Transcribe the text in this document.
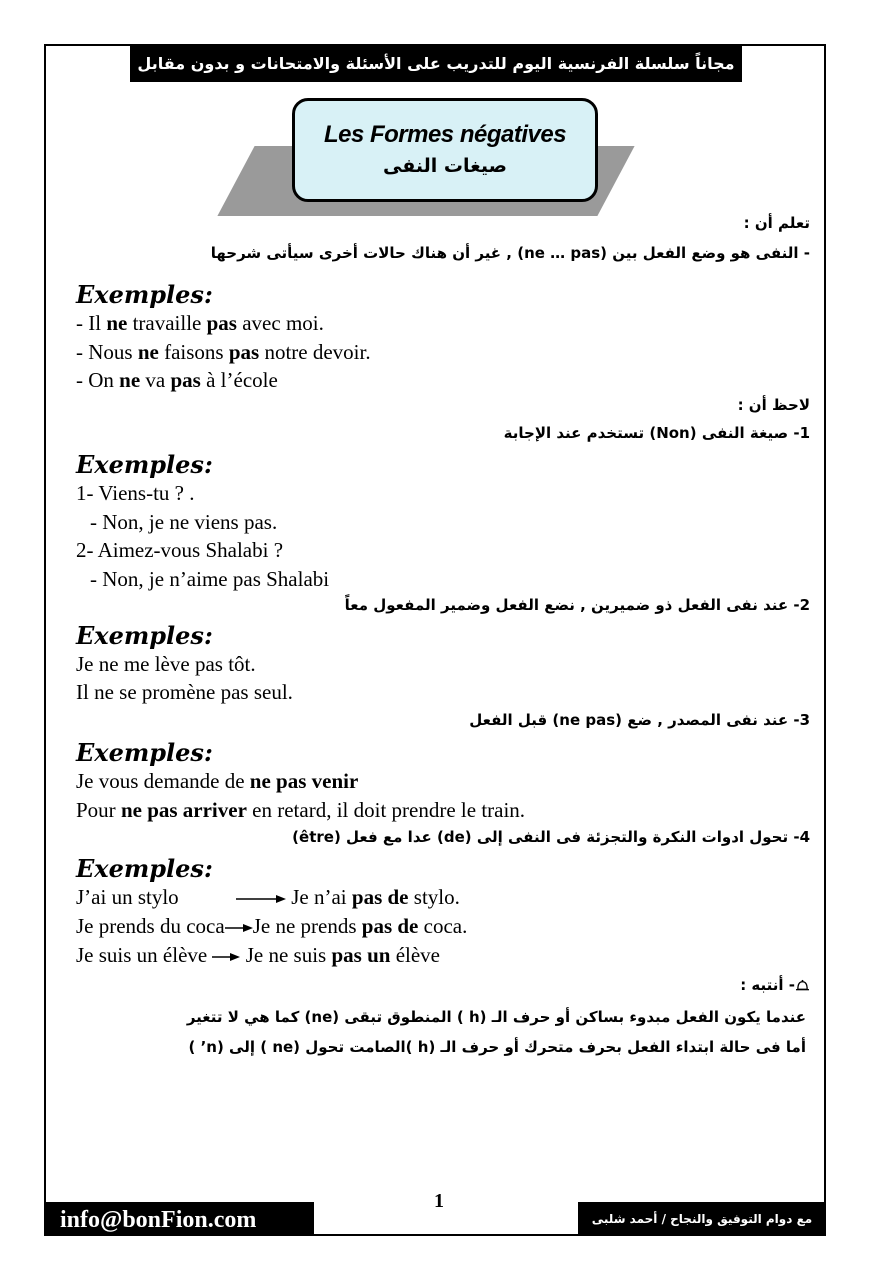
مجاناً سلسلة الفرنسية اليوم للتدريب على الأسئلة والامتحانات و بدون مقابل
Les Formes négatives
صيغات النفى
تعلم أن :
- النفى هو وضع الفعل بين (ne … pas) , غير أن هناك حالات أخرى سيأتى شرحها
Exemples:
- Il ne travaille pas avec moi.
- Nous ne faisons pas notre devoir.
- On ne va pas à l’école
لاحظ أن :
1- صيغة النفى (Non) تستخدم عند الإجابة
Exemples:
1- Viens-tu ? .
- Non, je ne viens pas.
2- Aimez-vous Shalabi ?
- Non, je n’aime pas Shalabi
2- عند نفى الفعل ذو ضميرين , نضع الفعل وضمير المفعول معاً
Exemples:
Je ne me lève pas tôt.
Il ne se promène pas seul.
3- عند نفى المصدر , ضع (ne pas) قبل الفعل
Exemples:
Je vous demande de ne pas venir
Pour ne pas arriver en retard, il doit prendre le train.
4- تحول ادوات النكرة والتجزئة فى النفى إلى (de) عدا مع فعل (être)
Exemples:
J’ai un stylo	Je n’ai pas de stylo.
Je prends du coca Je ne prends pas de coca.
Je suis un élève Je ne suis pas un élève
- أنتبه :
عندما يكون الفعل مبدوء بساكن أو حرف الـ (h ) المنطوق تبقى (ne) كما هي لا تتغير
أما فى حالة ابتداء الفعل بحرف متحرك أو حرف الـ (h )الصامت تحول (ne ) إلى (n’ )
1
info@bonFion.com	مع دوام التوفيق والنجاح / أحمد شلبى
